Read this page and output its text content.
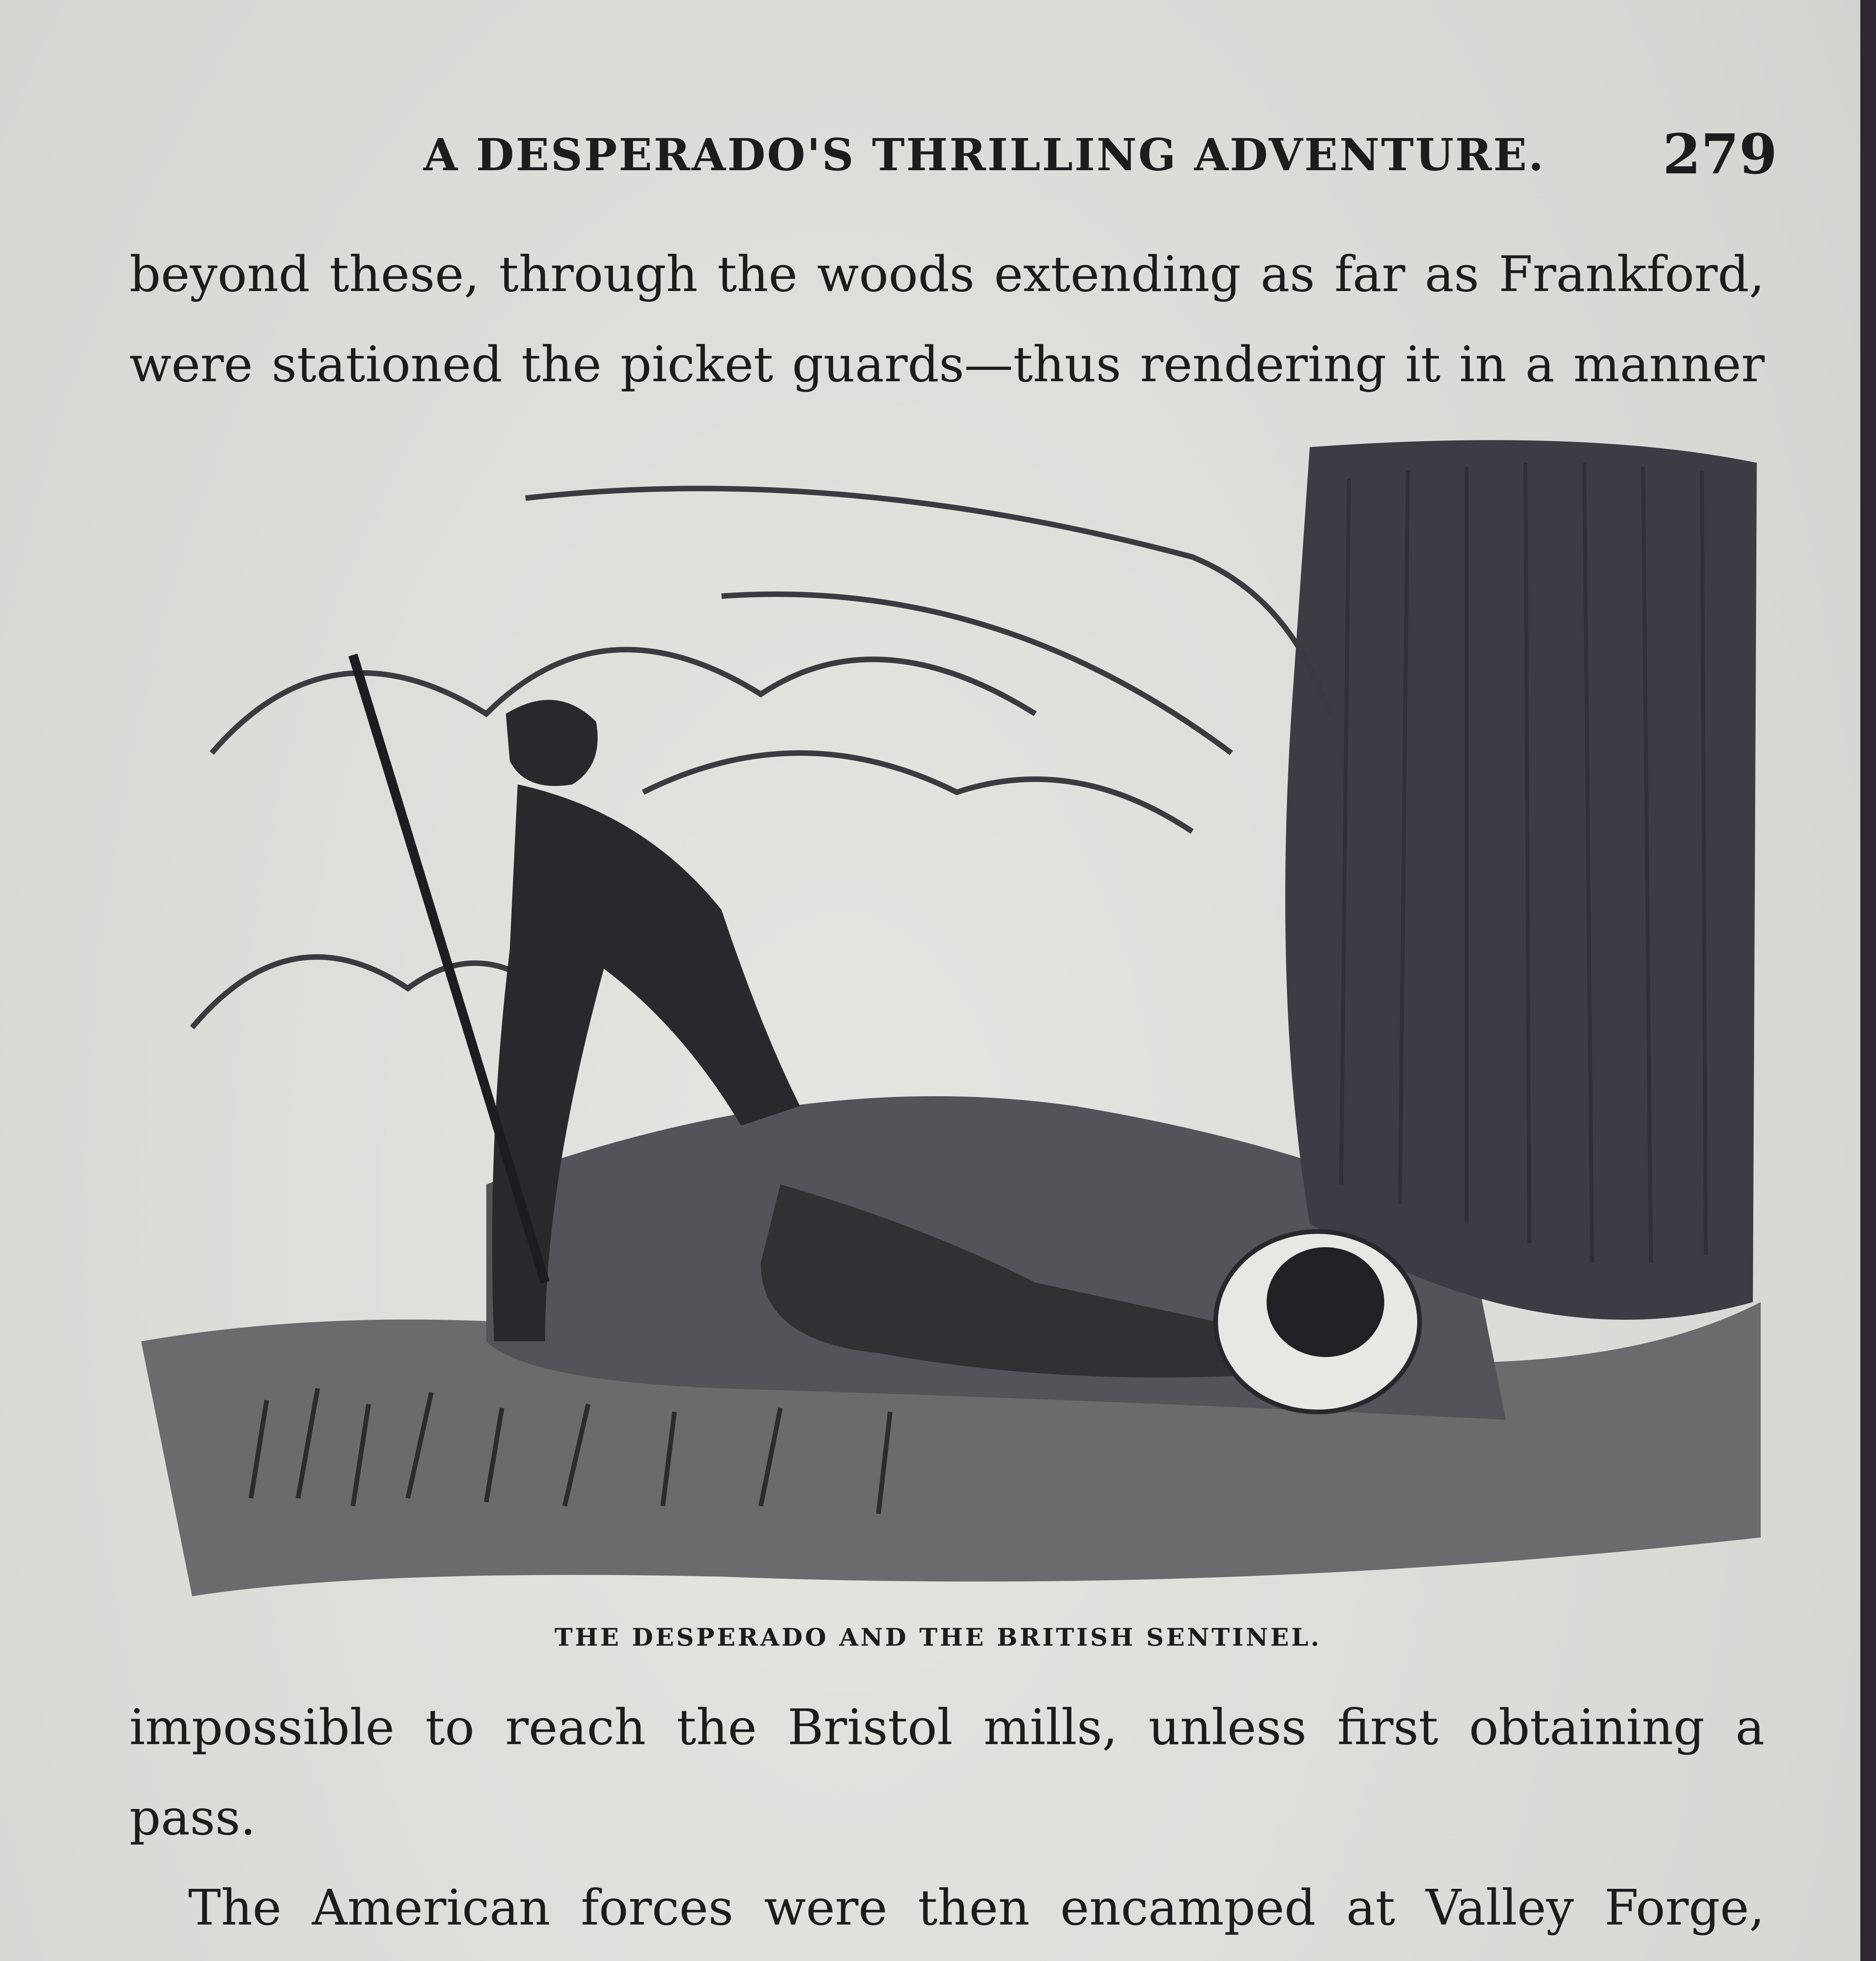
A DESPERADO'S THRILLING ADVENTURE. 279

beyond these, through the woods extending as far as Frankford, were stationed the picket guards—thus rendering it in a manner

THE DESPERADO AND THE BRITISH SENTINEL.

impossible to reach the Bristol mills, unless first obtaining a pass.

The American forces were then encamped at Valley Forge,
